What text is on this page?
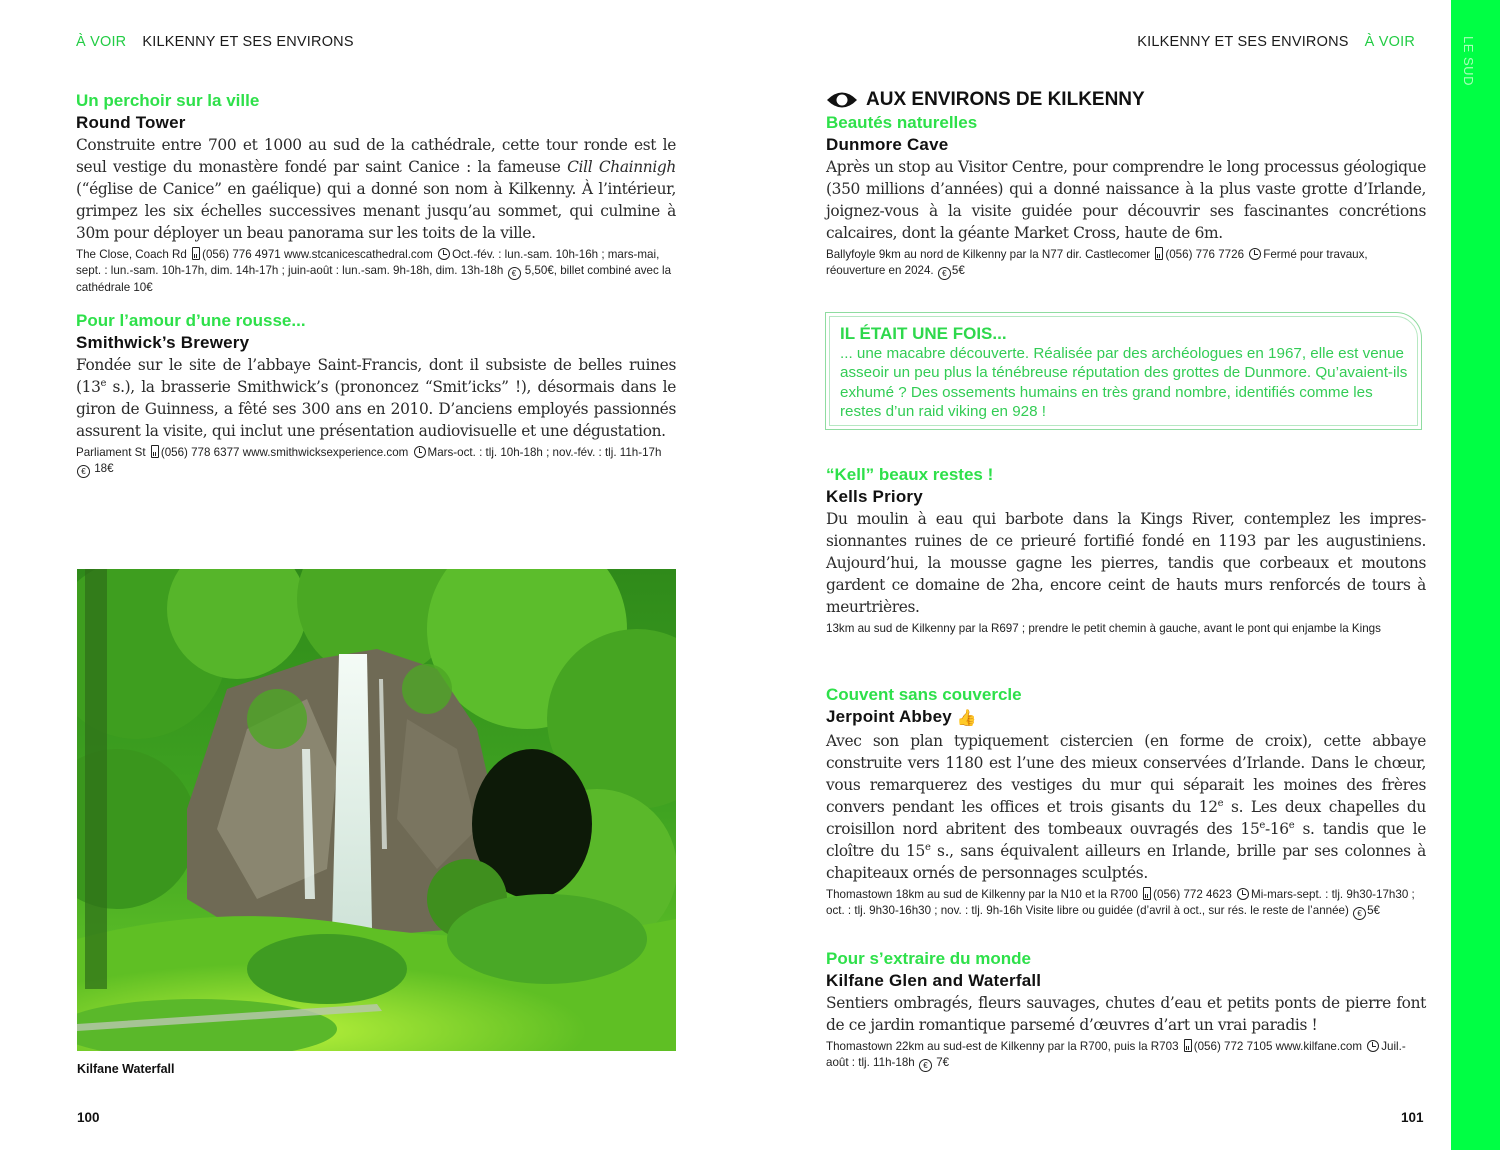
À VOIR KILKENNY ET SES ENVIRONS
Un perchoir sur la ville
Round Tower
Construite entre 700 et 1000 au sud de la cathédrale, cette tour ronde est le seul vestige du monastère fondé par saint Canice : la fameuse Cill Chainnigh (“église de Canice” en gaélique) qui a donné son nom à Kilkenny. À l’intérieur, grimpez les six échelles successives menant jusqu’au sommet, qui culmine à 30m pour déployer un beau panorama sur les toits de la ville.
The Close, Coach Rd (056) 776 4971 www.stcanicescathedral.com Oct.-fév. : lun.-sam. 10h-16h ; mars-mai, sept. : lun.-sam. 10h-17h, dim. 14h-17h ; juin-août : lun.-sam. 9h-18h, dim. 13h-18h € 5,50€, billet combiné avec la cathédrale 10€
Pour l’amour d’une rousse...
Smithwick’s Brewery
Fondée sur le site de l’abbaye Saint-Francis, dont il subsiste de belles ruines (13e s.), la brasserie Smithwick’s (prononcez “Smit’icks” !), désormais dans le giron de Guinness, a fêté ses 300 ans en 2010. D’anciens employés passionnés assurent la visite, qui inclut une présentation audiovisuelle et une dégustation.
Parliament St (056) 778 6377 www.smithwicksexperience.com Mars-oct. : tlj. 10h-18h ; nov.-fév. : tlj. 11h-17h € 18€
Kilfane Waterfall
100
KILKENNY ET SES ENVIRONS À VOIR
AUX ENVIRONS DE KILKENNY
Beautés naturelles
Dunmore Cave
Après un stop au Visitor Centre, pour comprendre le long processus géologique (350 millions d’années) qui a donné naissance à la plus vaste grotte d’Irlande, joignez-vous à la visite guidée pour découvrir ses fascinantes concrétions calcaires, dont la géante Market Cross, haute de 6m.
Ballyfoyle 9km au nord de Kilkenny par la N77 dir. Castlecomer (056) 776 7726 Fermé pour travaux, réouverture en 2024. € 5€
IL ÉTAIT UNE FOIS...
... une macabre découverte. Réalisée par des archéologues en 1967, elle est venue asseoir un peu plus la ténébreuse réputation des grottes de Dunmore. Qu’avaient-ils exhumé ? Des ossements humains en très grand nombre, identifiés comme les restes d’un raid viking en 928 !
“Kell” beaux restes !
Kells Priory
Du moulin à eau qui barbote dans la Kings River, contemplez les impres-sionnantes ruines de ce prieuré fortifié fondé en 1193 par les augustiniens. Aujourd’hui, la mousse gagne les pierres, tandis que corbeaux et moutons gardent ce domaine de 2ha, encore ceint de hauts murs renforcés de tours à meurtrières.
13km au sud de Kilkenny par la R697 ; prendre le petit chemin à gauche, avant le pont qui enjambe la Kings
Couvent sans couvercle
Jerpoint Abbey 👍
Avec son plan typiquement cistercien (en forme de croix), cette abbaye construite vers 1180 est l’une des mieux conservées d’Irlande. Dans le chœur, vous remarquerez des vestiges du mur qui séparait les moines des frères convers pendant les offices et trois gisants du 12e s. Les deux chapelles du croisillon nord abritent des tombeaux ouvragés des 15e-16e s. tandis que le cloître du 15e s., sans équivalent ailleurs en Irlande, brille par ses colonnes à chapiteaux ornés de personnages sculptés.
Thomastown 18km au sud de Kilkenny par la N10 et la R700 (056) 772 4623 Mi-mars-sept. : tlj. 9h30-17h30 ; oct. : tlj. 9h30-16h30 ; nov. : tlj. 9h-16h Visite libre ou guidée (d’avril à oct., sur rés. le reste de l’année) € 5€
Pour s’extraire du monde
Kilfane Glen and Waterfall
Sentiers ombragés, fleurs sauvages, chutes d’eau et petits ponts de pierre font de ce jardin romantique parsemé d’œuvres d’art un vrai paradis !
Thomastown 22km au sud-est de Kilkenny par la R700, puis la R703 (056) 772 7105 www.kilfane.com Juil.-août : tlj. 11h-18h € 7€
101
LE SUD
